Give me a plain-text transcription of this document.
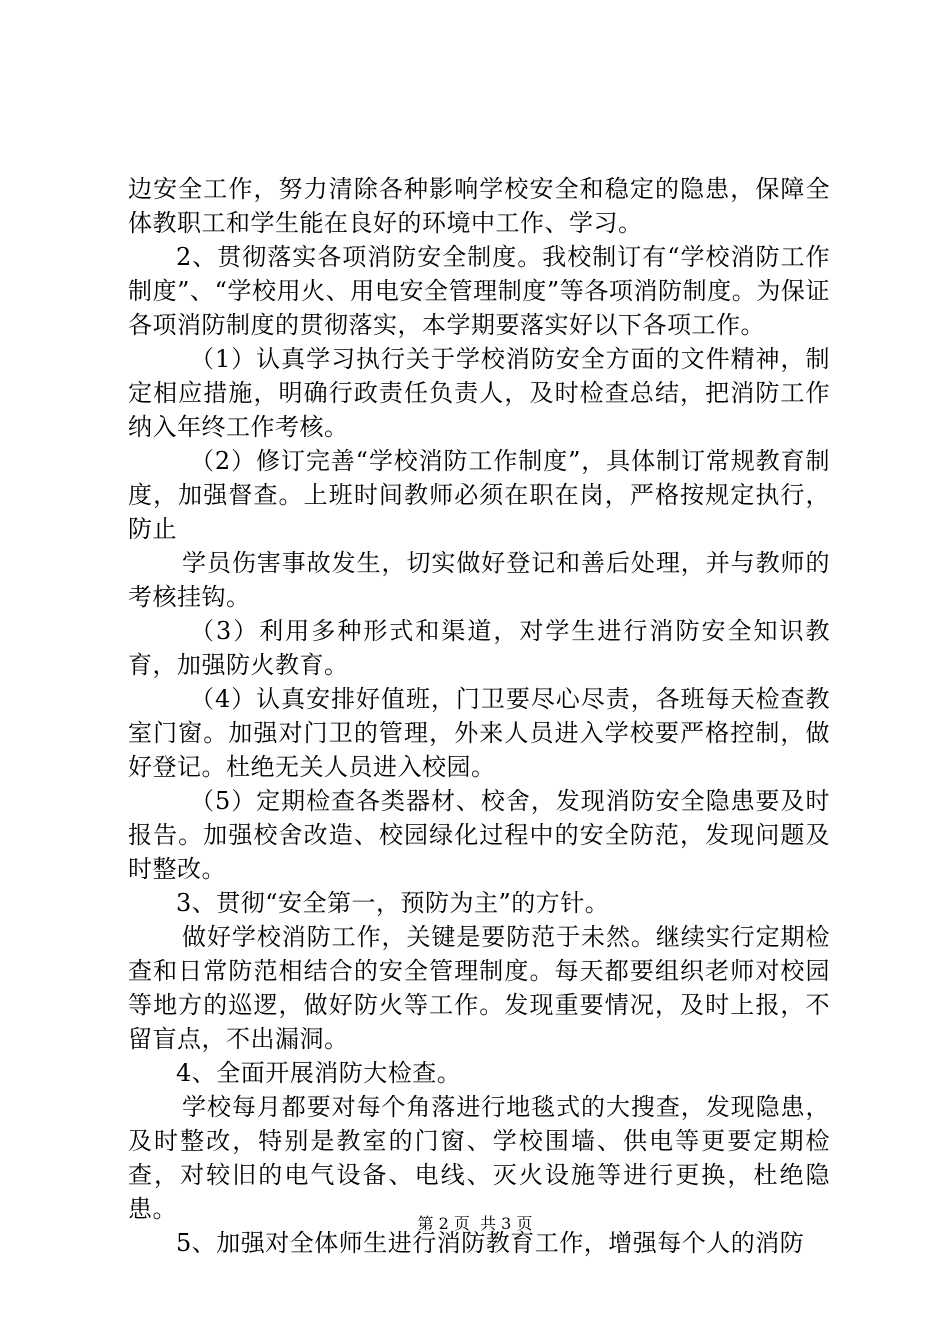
边安全工作，努力清除各种影响学校安全和稳定的隐患，保障全体教职工和学生能在良好的环境中工作、学习。

2、贯彻落实各项消防安全制度。我校制订有“学校消防工作制度”、“学校用火、用电安全管理制度”等各项消防制度。为保证各项消防制度的贯彻落实，本学期要落实好以下各项工作。

（1）认真学习执行关于学校消防安全方面的文件精神，制定相应措施，明确行政责任负责人，及时检查总结，把消防工作纳入年终工作考核。

（2）修订完善“学校消防工作制度”，具体制订常规教育制度，加强督查。上班时间教师必须在职在岗，严格按规定执行，防止

学员伤害事故发生，切实做好登记和善后处理，并与教师的考核挂钩。

（3）利用多种形式和渠道，对学生进行消防安全知识教育，加强防火教育。

（4）认真安排好值班，门卫要尽心尽责，各班每天检查教室门窗。加强对门卫的管理，外来人员进入学校要严格控制，做好登记。杜绝无关人员进入校园。

（5）定期检查各类器材、校舍，发现消防安全隐患要及时报告。加强校舍改造、校园绿化过程中的安全防范，发现问题及时整改。

3、贯彻“安全第一，预防为主”的方针。

做好学校消防工作，关键是要防范于未然。继续实行定期检查和日常防范相结合的安全管理制度。每天都要组织老师对校园等地方的巡逻，做好防火等工作。发现重要情况，及时上报，不留盲点，不出漏洞。

4、全面开展消防大检查。

学校每月都要对每个角落进行地毯式的大搜查，发现隐患，及时整改，特别是教室的门窗、学校围墙、供电等更要定期检查，对较旧的电气设备、电线、灭火设施等进行更换，杜绝隐患。

5、加强对全体师生进行消防教育工作，增强每个人的消防

第 2 页  共 3 页
